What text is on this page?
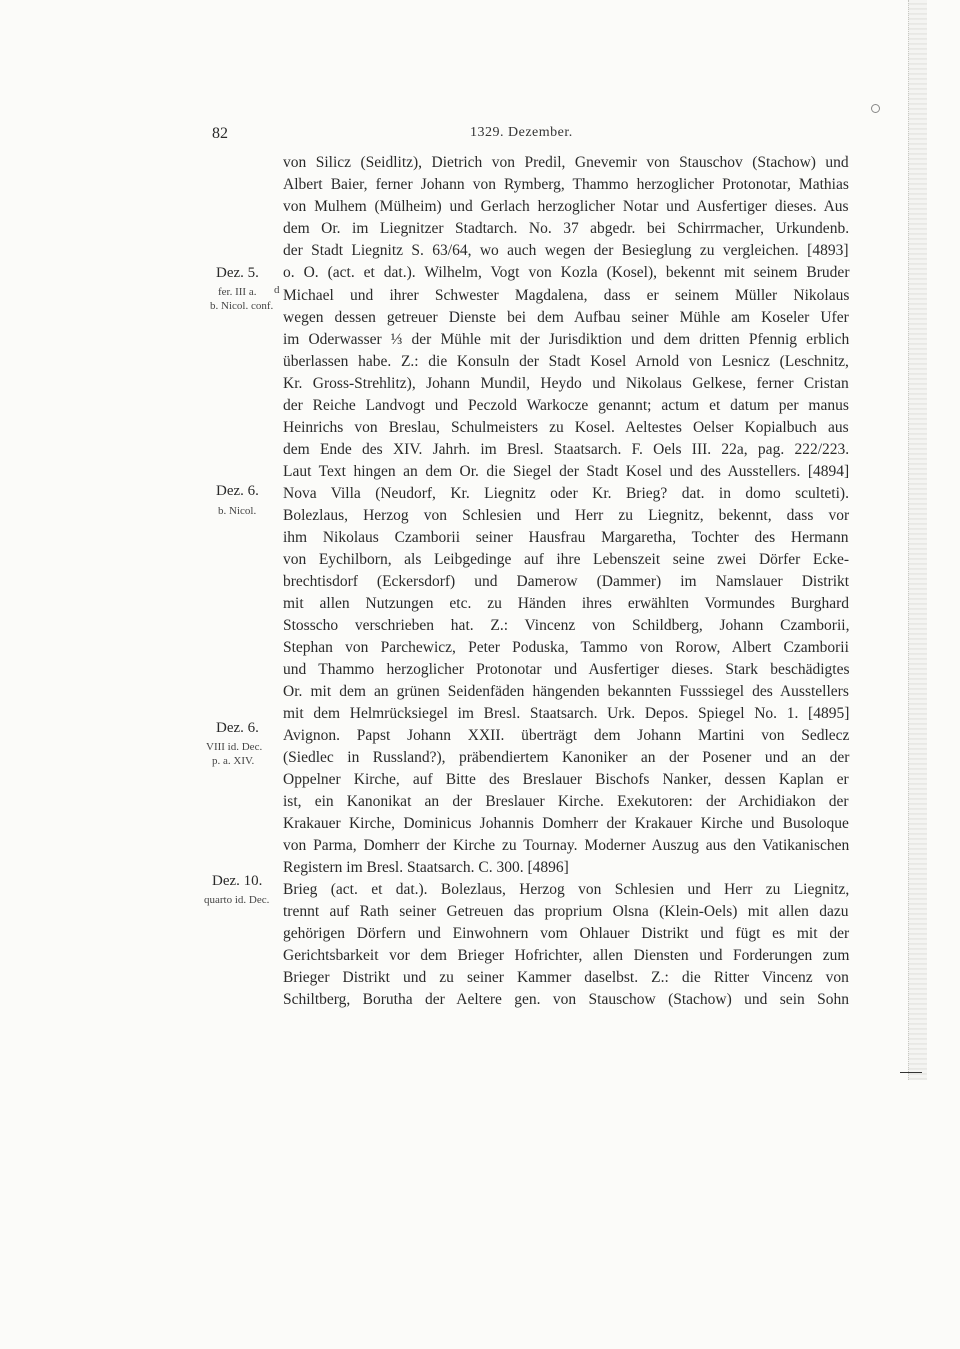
82	1329. Dezember.
Dez. 5.
fer. III a. d
b. Nicol. conf.
Dez. 6.
b. Nicol.
Dez. 6.
VIII id. Dec.
p. a. XIV.
Dez. 10.
quarto id. Dec.
von Silicz (Seidlitz), Dietrich von Predil, Gnevemir von Stauschov (Stachow) und
Albert Baier, ferner Johann von Rymberg, Thammo herzoglicher Protonotar, Mathias
von Mulhem (Mülheim) und Gerlach herzoglicher Notar und Ausfertiger dieses. Aus
dem Or. im Liegnitzer Stadtarch. No. 37 abgedr. bei Schirrmacher, Urkundenb.
der Stadt Liegnitz S. 63/64, wo auch wegen der Besieglung zu vergleichen. [4893]
o. O. (act. et dat.). Wilhelm, Vogt von Kozla (Kosel), bekennt mit seinem Bruder
Michael und ihrer Schwester Magdalena, dass er seinem Müller Nikolaus
wegen dessen getreuer Dienste bei dem Aufbau seiner Mühle am Koseler Ufer
im Oderwasser ⅓ der Mühle mit der Jurisdiktion und dem dritten Pfennig erblich
überlassen habe. Z.: die Konsuln der Stadt Kosel Arnold von Lesnicz (Leschnitz,
Kr. Gross-Strehlitz), Johann Mundil, Heydo und Nikolaus Gelkese, ferner Cristan
der Reiche Landvogt und Peczold Warkocze genannt; actum et datum per manus
Heinrichs von Breslau, Schulmeisters zu Kosel. Aeltestes Oelser Kopialbuch aus
dem Ende des XIV. Jahrh. im Bresl. Staatsarch. F. Oels III. 22a, pag. 222/223.
Laut Text hingen an dem Or. die Siegel der Stadt Kosel und des Ausstellers. [4894]
Nova Villa (Neudorf, Kr. Liegnitz oder Kr. Brieg? dat. in domo sculteti).
Bolezlaus, Herzog von Schlesien und Herr zu Liegnitz, bekennt, dass vor
ihm Nikolaus Czamborii seiner Hausfrau Margaretha, Tochter des Hermann
von Eychilborn, als Leibgedinge auf ihre Lebenszeit seine zwei Dörfer Ecke-
brechtisdorf (Eckersdorf) und Damerow (Dammer) im Namslauer Distrikt
mit allen Nutzungen etc. zu Händen ihres erwählten Vormundes Burghard
Stosscho verschrieben hat. Z.: Vincenz von Schildberg, Johann Czamborii,
Stephan von Parchewicz, Peter Poduska, Tammo von Rorow, Albert Czamborii
und Thammo herzoglicher Protonotar und Ausfertiger dieses. Stark beschädigtes
Or. mit dem an grünen Seidenfäden hängenden bekannten Fusssiegel des Ausstellers
mit dem Helmrücksiegel im Bresl. Staatsarch. Urk. Depos. Spiegel No. 1. [4895]
Avignon. Papst Johann XXII. überträgt dem Johann Martini von Sedlecz
(Siedlec in Russland?), präbendiertem Kanoniker an der Posener und an der
Oppelner Kirche, auf Bitte des Breslauer Bischofs Nanker, dessen Kaplan er
ist, ein Kanonikat an der Breslauer Kirche. Exekutoren: der Archidiakon der
Krakauer Kirche, Dominicus Johannis Domherr der Krakauer Kirche und Busoloque
von Parma, Domherr der Kirche zu Tournay. Moderner Auszug aus den Vatikanischen
Registern im Bresl. Staatsarch. C. 300. [4896]
Brieg (act. et dat.). Bolezlaus, Herzog von Schlesien und Herr zu Liegnitz,
trennt auf Rath seiner Getreuen das proprium Olsna (Klein-Oels) mit allen dazu
gehörigen Dörfern und Einwohnern vom Ohlauer Distrikt und fügt es mit der
Gerichtsbarkeit vor dem Brieger Hofrichter, allen Diensten und Forderungen zum
Brieger Distrikt und zu seiner Kammer daselbst. Z.: die Ritter Vincenz von
Schiltberg, Borutha der Aeltere gen. von Stauschow (Stachow) und sein Sohn
